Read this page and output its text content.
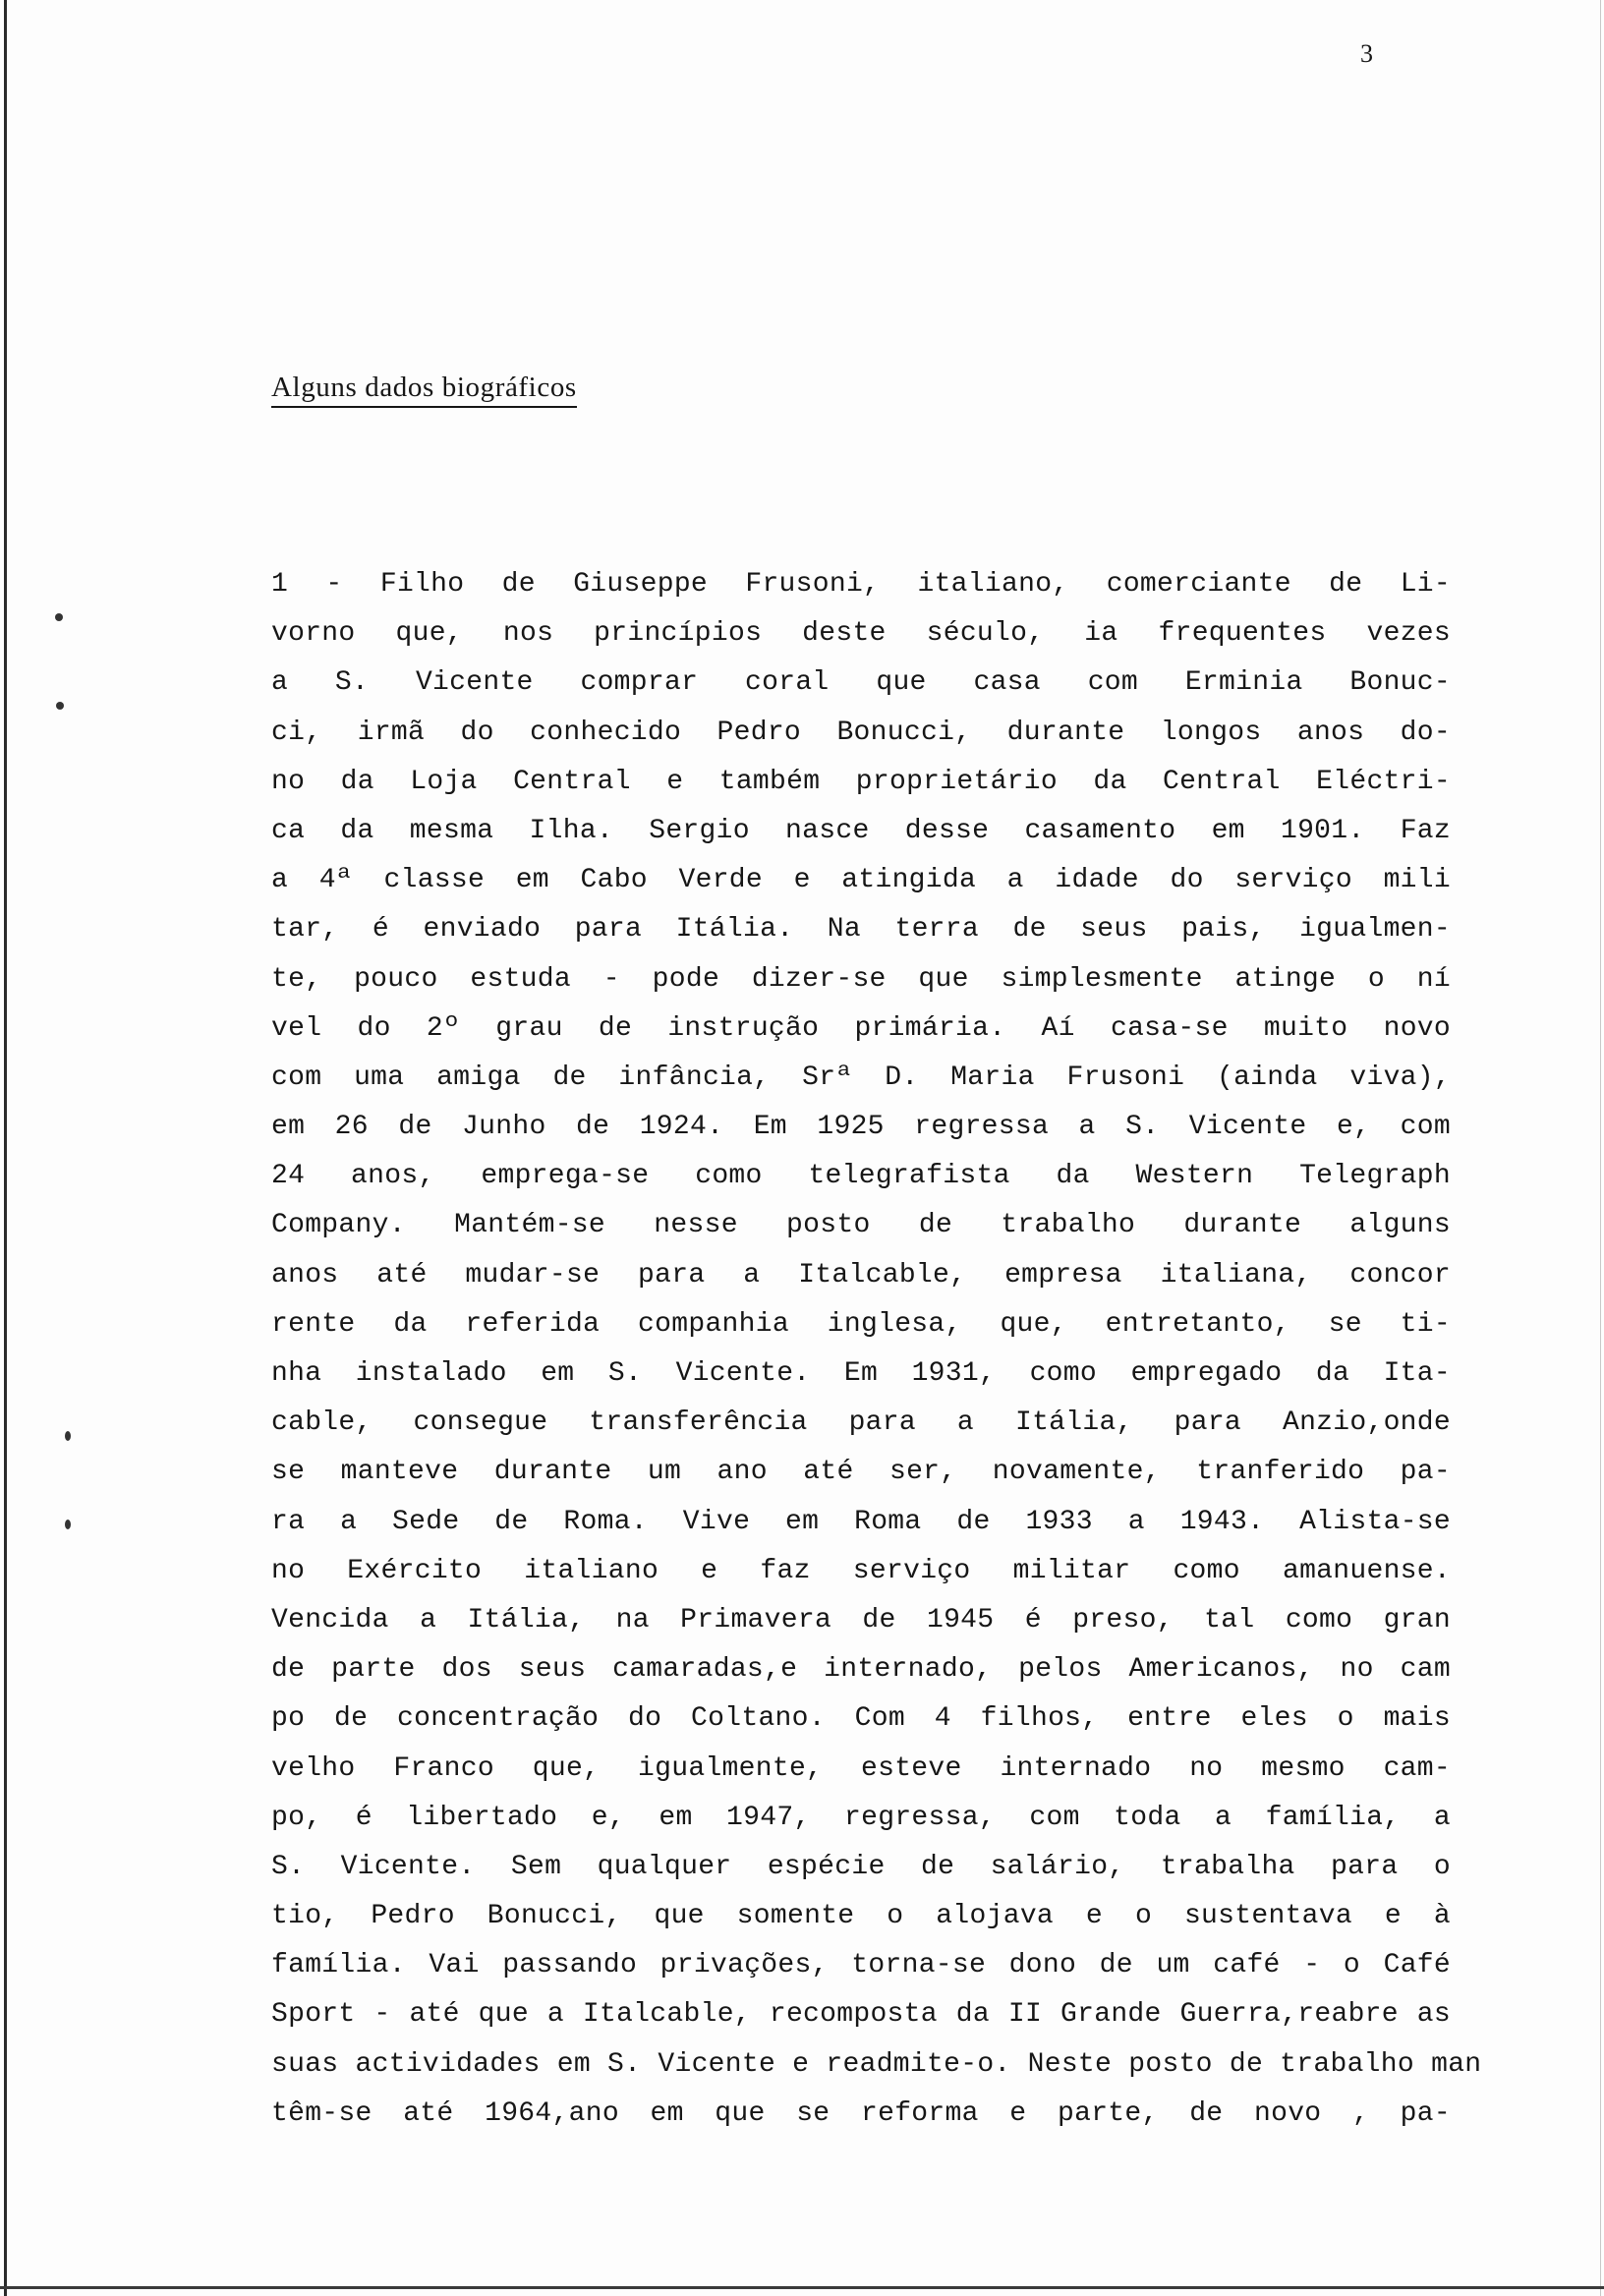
3
Alguns dados biográficos
1 - Filho de Giuseppe Frusoni, italiano, comerciante de Li-
vorno que, nos princípios deste século, ia frequentes vezes
a S. Vicente comprar coral que casa com Erminia Bonuc-
ci, irmã do conhecido Pedro Bonucci, durante longos anos do-
no da Loja Central e também proprietário da Central Eléctri-
ca da mesma Ilha. Sergio nasce desse casamento em 1901. Faz
a 4ª classe em Cabo Verde e atingida a idade do serviço mili
tar, é enviado para Itália. Na terra de seus pais, igualmen-
te, pouco estuda - pode dizer-se que simplesmente atinge o ní
vel do 2º grau de instrução primária. Aí casa-se muito novo
com uma amiga de infância, Srª D. Maria Frusoni (ainda viva),
em 26 de Junho de 1924. Em 1925 regressa a S. Vicente e, com
24 anos, emprega-se como telegrafista da Western Telegraph
Company. Mantém-se nesse posto de trabalho durante alguns
anos até mudar-se para a Italcable, empresa italiana, concor
rente da referida companhia inglesa, que, entretanto, se ti-
nha instalado em S. Vicente. Em 1931, como empregado da Ita-
cable, consegue transferência para a Itália, para Anzio,onde
se manteve durante um ano até ser, novamente, tranferido pa-
ra a Sede de Roma. Vive em Roma de 1933 a 1943. Alista-se
no Exército italiano e faz serviço militar como amanuense.
Vencida a Itália, na Primavera de 1945 é preso, tal como gran
de parte dos seus camaradas,e internado, pelos Americanos, no cam
po de concentração do Coltano. Com 4 filhos, entre eles o mais
velho Franco que, igualmente, esteve internado no mesmo cam-
po, é libertado e, em 1947, regressa, com toda a família, a
S. Vicente. Sem qualquer espécie de salário, trabalha para o
tio, Pedro Bonucci, que somente o alojava e o sustentava e à
família. Vai passando privações, torna-se dono de um café - o Café
Sport - até que a Italcable, recomposta da II Grande Guerra,reabre as
suas actividades em S. Vicente e readmite-o. Neste posto de trabalho man
têm-se até 1964,ano em que se reforma e parte, de novo , pa-
